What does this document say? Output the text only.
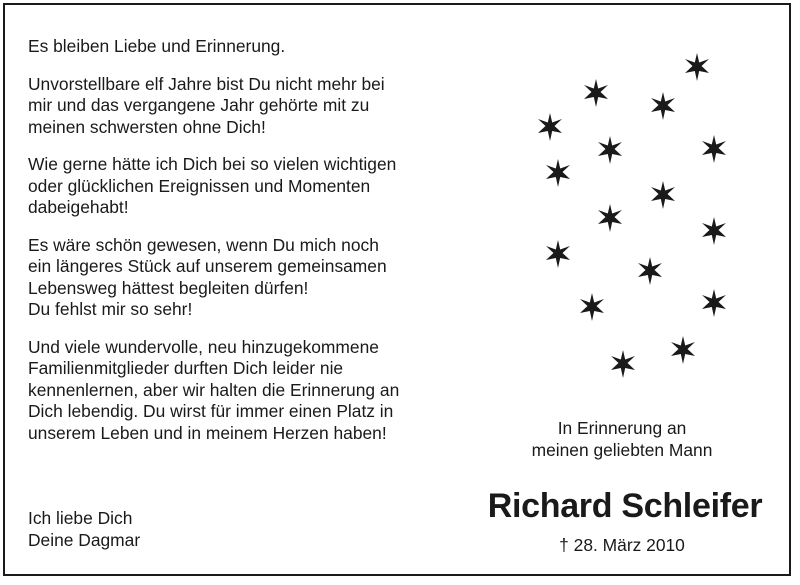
Es bleiben Liebe und Erinnerung.

Unvorstellbare elf Jahre bist Du nicht mehr bei
mir und das vergangene Jahr gehörte mit zu
meinen schwersten ohne Dich!

Wie gerne hätte ich Dich bei so vielen wichtigen
oder glücklichen Ereignissen und Momenten
dabeigehabt!

Es wäre schön gewesen, wenn Du mich noch
ein längeres Stück auf unserem gemeinsamen
Lebensweg hättest begleiten dürfen!
Du fehlst mir so sehr!

Und viele wundervolle, neu hinzugekommene
Familienmitglieder durften Dich leider nie
kennenlernen, aber wir halten die Erinnerung an
Dich lebendig. Du wirst für immer einen Platz in
unserem Leben und in meinem Herzen haben!

Ich liebe Dich
Deine Dagmar
In Erinnerung an
meinen geliebten Mann
Richard Schleifer
† 28. März 2010
